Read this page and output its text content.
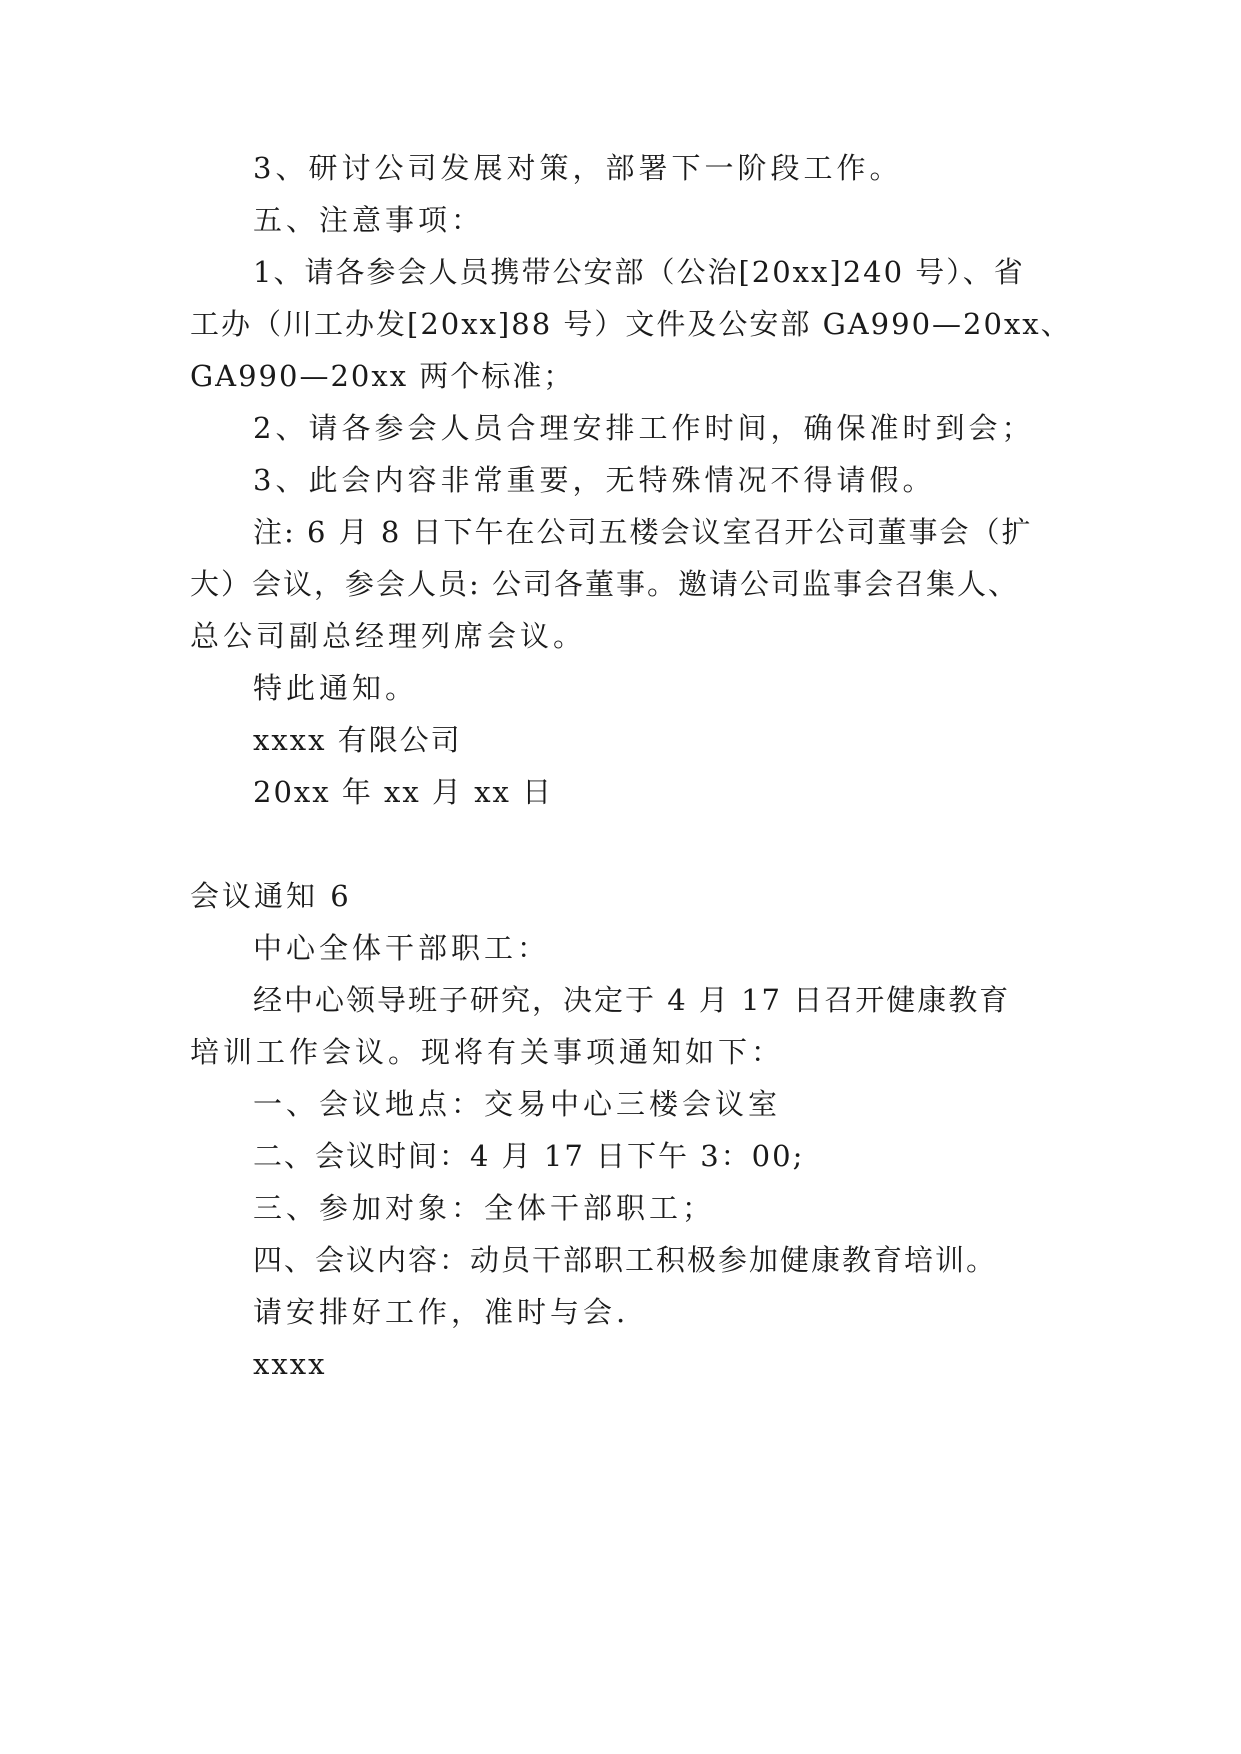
3、研讨公司发展对策，部署下一阶段工作。
五、注意事项：
1、请各参会人员携带公安部（公治[20xx]240 号）、省
工办（川工办发[20xx]88 号）文件及公安部 GA990—20xx、
GA990—20xx 两个标准；
2、请各参会人员合理安排工作时间，确保准时到会；
3、此会内容非常重要，无特殊情况不得请假。
注: 6 月 8 日下午在公司五楼会议室召开公司董事会（扩
大）会议，参会人员: 公司各董事。邀请公司监事会召集人、
总公司副总经理列席会议。
特此通知。
xxxx 有限公司
20xx 年 xx 月 xx 日
会议通知 6
中心全体干部职工：
经中心领导班子研究，决定于 4 月 17 日召开健康教育
培训工作会议。现将有关事项通知如下：
一、会议地点：交易中心三楼会议室
二、会议时间：4 月 17 日下午 3：00;
三、参加对象：全体干部职工；
四、会议内容：动员干部职工积极参加健康教育培训。
请安排好工作，准时与会.
xxxx
